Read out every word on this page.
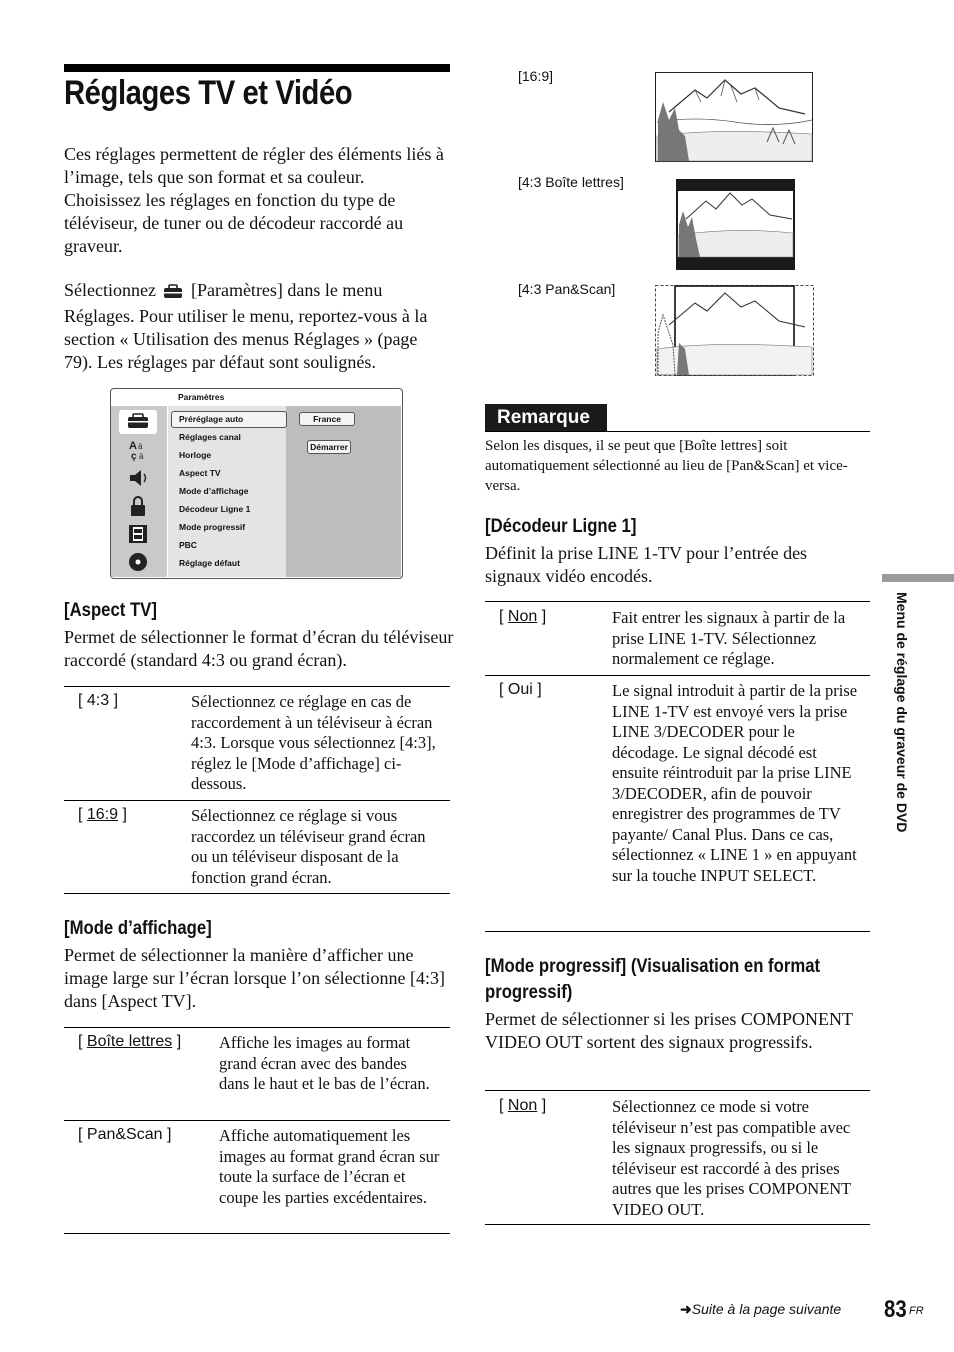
Réglages TV et Vidéo
Ces réglages permettent de régler des éléments liés à l’image, tels que son format et sa couleur. Choisissez les réglages en fonction du type de téléviseur, de tuner ou de décodeur raccordé au graveur.
Sélectionnez [Paramètres] dans le menu Réglages. Pour utiliser le menu, reportez-vous à la section « Utilisation des menus Réglages » (page 79). Les réglages par défaut sont soulignés.
Paramètres
A ä
ç ä
Préréglage auto
Réglages canal
Horloge
Aspect TV
Mode d’affichage
Décodeur Ligne 1
Mode progressif
PBC
Réglage défaut
France
Démarrer
[Aspect TV]
Permet de sélectionner le format d’écran du téléviseur raccordé (standard 4:3 ou grand écran).
[ 4:3 ]	Sélectionnez ce réglage en cas de raccordement à un téléviseur à écran 4:3. Lorsque vous sélectionnez [4:3], réglez le [Mode d’affichage] ci-dessous.
[ 16:9 ]	Sélectionnez ce réglage si vous raccordez un téléviseur grand écran ou un téléviseur disposant de la fonction grand écran.
[Mode d’affichage]
Permet de sélectionner la manière d’afficher une image large sur l’écran lorsque l’on sélectionne [4:3] dans [Aspect TV].
[ Boîte lettres ] Affiche les images au format grand écran avec des bandes dans le haut et le bas de l’écran.
[ Pan&Scan ]	Affiche automatiquement les images au format grand écran sur toute la surface de l’écran et coupe les parties excédentaires.
[16:9]
[4:3 Boîte lettres]
[4:3 Pan&Scan]
Remarque
Selon les disques, il se peut que [Boîte lettres] soit automatiquement sélectionné au lieu de [Pan&Scan] et vice-versa.
[Décodeur Ligne 1]
Définit la prise LINE 1-TV pour l’entrée des signaux vidéo encodés.
[ Non ]	Fait entrer les signaux à partir de la prise LINE 1-TV. Sélectionnez normalement ce réglage.
[ Oui ]	Le signal introduit à partir de la prise LINE 1-TV est envoyé vers la prise LINE 3/DECODER pour le décodage. Le signal décodé est ensuite réintroduit par la prise LINE 3/DECODER, afin de pouvoir enregistrer des programmes de TV payante/ Canal Plus. Dans ce cas, sélectionnez « LINE 1 » en appuyant sur la touche INPUT SELECT.
[Mode progressif] (Visualisation en format
progressif)
Permet de sélectionner si les prises COMPONENT VIDEO OUT sortent des signaux progressifs.
[ Non ]	Sélectionnez ce mode si votre téléviseur n’est pas compatible avec les signaux progressifs, ou si le téléviseur est raccordé à des prises autres que les prises COMPONENT VIDEO OUT.
Menu de réglage du graveur de DVD
➜Suite à la page suivante 83 FR
